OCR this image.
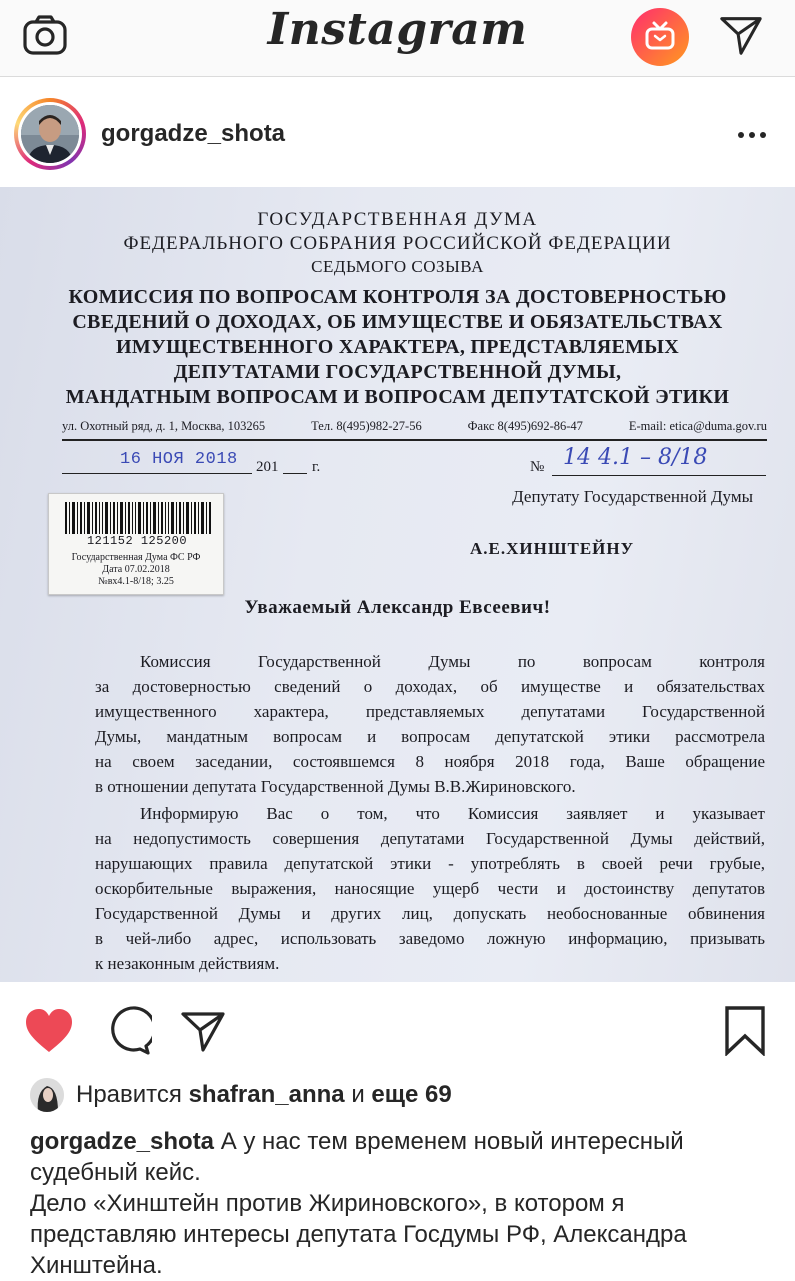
Instagram
gorgadze_shota
ГОСУДАРСТВЕННАЯ ДУМА
ФЕДЕРАЛЬНОГО СОБРАНИЯ РОССИЙСКОЙ ФЕДЕРАЦИИ
СЕДЬМОГО СОЗЫВА
КОМИССИЯ ПО ВОПРОСАМ КОНТРОЛЯ ЗА ДОСТОВЕРНОСТЬЮ
СВЕДЕНИЙ О ДОХОДАХ, ОБ ИМУЩЕСТВЕ И ОБЯЗАТЕЛЬСТВАХ
ИМУЩЕСТВЕННОГО ХАРАКТЕРА, ПРЕДСТАВЛЯЕМЫХ
ДЕПУТАТАМИ ГОСУДАРСТВЕННОЙ ДУМЫ,
МАНДАТНЫМ ВОПРОСАМ И ВОПРОСАМ ДЕПУТАТСКОЙ ЭТИКИ
ул. Охотный ряд, д. 1, Москва, 103265	Тел. 8(495)982-27-56	Факс 8(495)692-86-47	E-mail: etica@duma.gov.ru
16 НОЯ 2018 201 г.	№ 14 4.1 – 8/18
Депутату Государственной Думы
А.Е.ХИНШТЕЙНУ
121152 125200
Государственная Дума ФС РФ
Дата 07.02.2018
№вх4.1-8/18; 3.25
Уважаемый Александр Евсеевич!
Комиссия Государственной Думы по вопросам контроля
за достоверностью сведений о доходах, об имуществе и обязательствах
имущественного характера, представляемых депутатами Государственной
Думы, мандатным вопросам и вопросам депутатской этики рассмотрела
на своем заседании, состоявшемся 8 ноября 2018 года, Ваше обращение
в отношении депутата Государственной Думы В.В.Жириновского.
Информирую Вас о том, что Комиссия заявляет и указывает
на недопустимость совершения депутатами Государственной Думы действий,
нарушающих правила депутатской этики - употреблять в своей речи грубые,
оскорбительные выражения, наносящие ущерб чести и достоинству депутатов
Государственной Думы и других лиц, допускать необоснованные обвинения
в чей-либо адрес, использовать заведомо ложную информацию, призывать
к незаконным действиям.
Нравится shafran_anna и еще 69
gorgadze_shota А у нас тем временем новый интересный судебный кейс.
Дело «Хинштейн против Жириновского», в котором я представляю интересы депутата Госдумы РФ, Александра Хинштейна.
